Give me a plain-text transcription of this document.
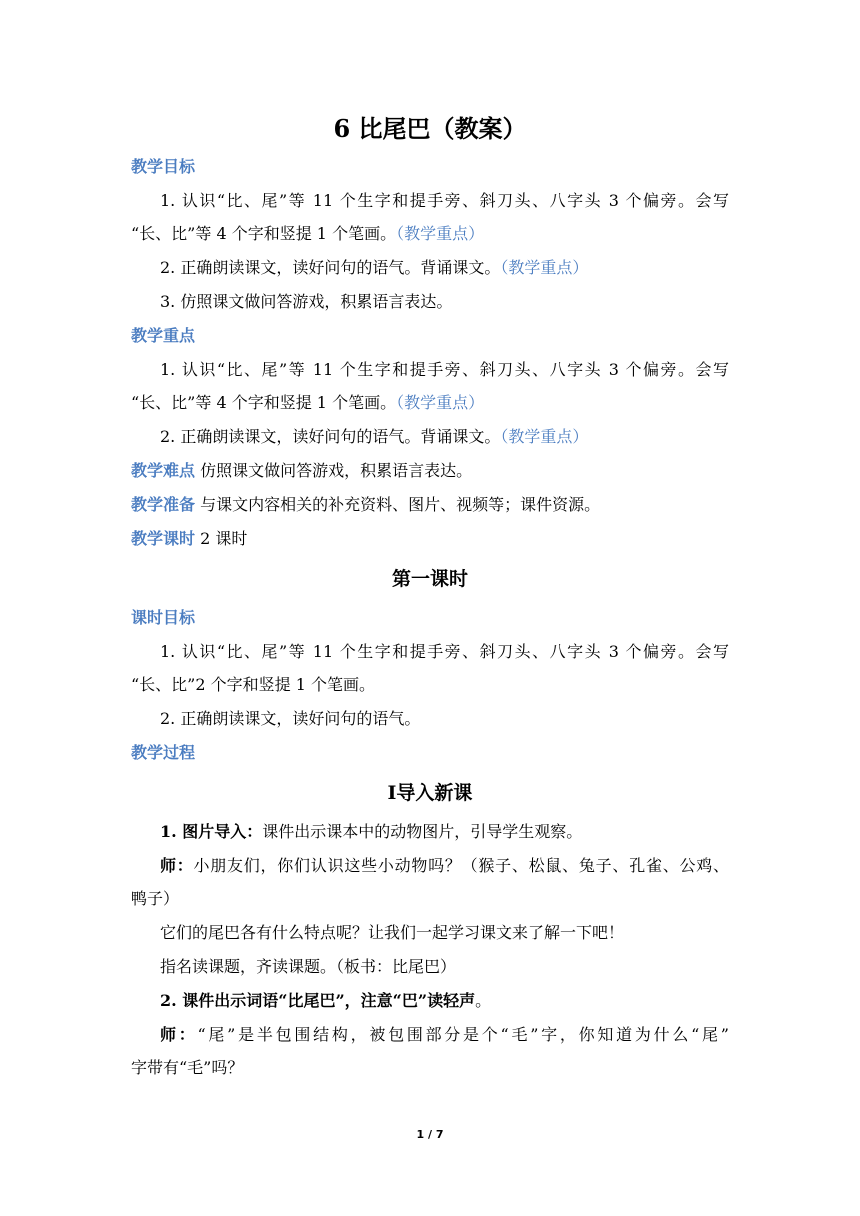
6 比尾巴（教案）
教学目标
1. 认识“比、尾”等 11 个生字和提手旁、斜刀头、八字头 3 个偏旁。会写
“长、比”等 4 个字和竖提 1 个笔画。（教学重点）
2. 正确朗读课文，读好问句的语气。背诵课文。（教学重点）
3. 仿照课文做问答游戏，积累语言表达。
教学重点
1. 认识“比、尾”等 11 个生字和提手旁、斜刀头、八字头 3 个偏旁。会写
“长、比”等 4 个字和竖提 1 个笔画。（教学重点）
2. 正确朗读课文，读好问句的语气。背诵课文。（教学重点）
教学难点 仿照课文做问答游戏，积累语言表达。
教学准备 与课文内容相关的补充资料、图片、视频等；课件资源。
教学课时 2 课时
第一课时
课时目标
1. 认识“比、尾”等 11 个生字和提手旁、斜刀头、八字头 3 个偏旁。会写
“长、比”2 个字和竖提 1 个笔画。
2. 正确朗读课文，读好问句的语气。
教学过程
Ⅰ导入新课
1. 图片导入：课件出示课本中的动物图片，引导学生观察。
师：小朋友们，你们认识这些小动物吗？（猴子、松鼠、兔子、孔雀、公鸡、
鸭子）
它们的尾巴各有什么特点呢？让我们一起学习课文来了解一下吧！
指名读课题，齐读课题。（板书：比尾巴）
2. 课件出示词语“比尾巴”，注意“巴”读轻声。
师：“尾”是半包围结构，被包围部分是个“毛”字，你知道为什么“尾”
字带有“毛”吗？
1 / 7
